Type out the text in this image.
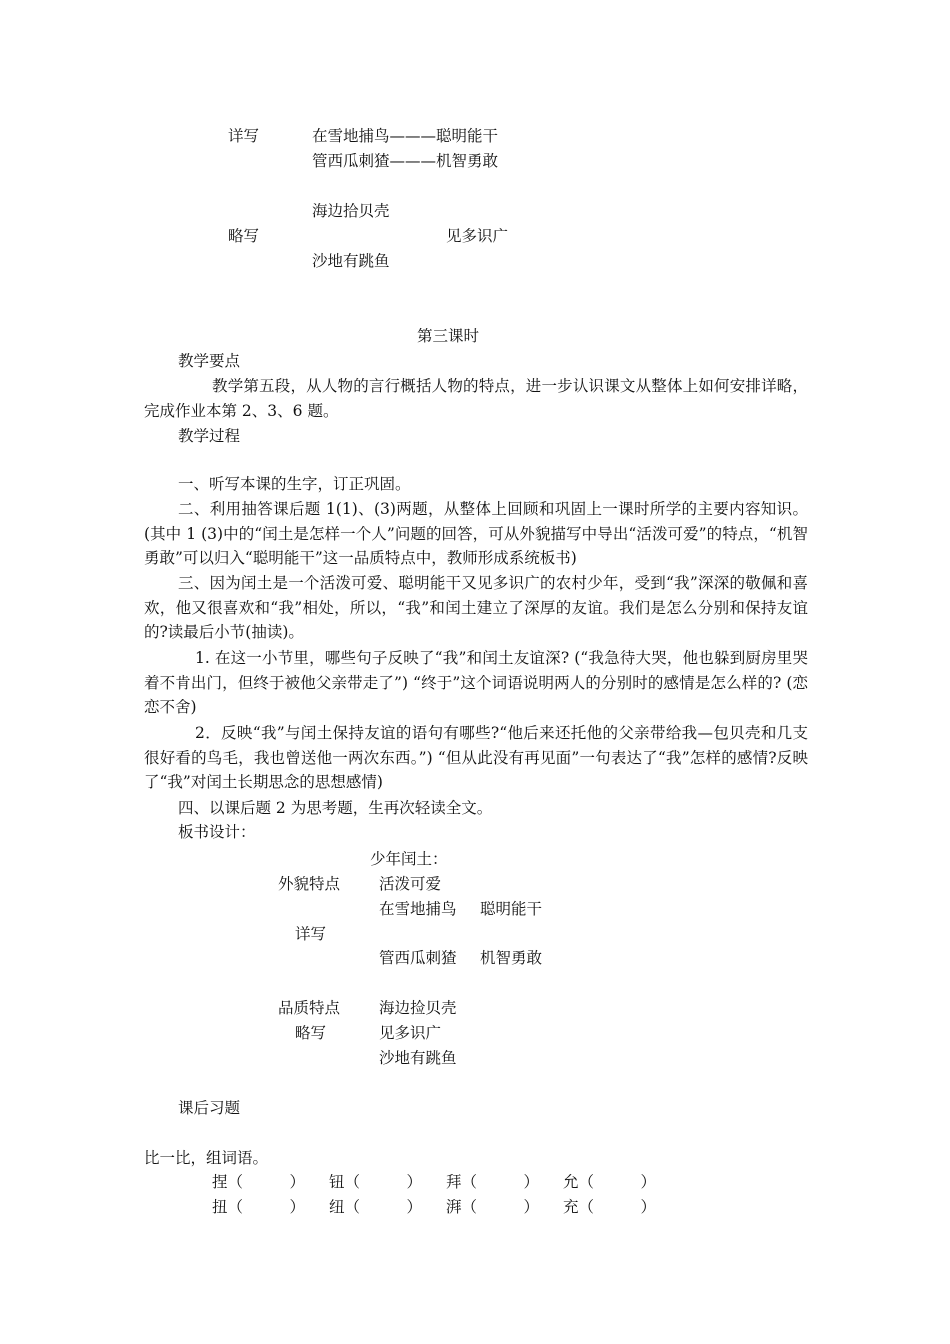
详写	在雪地捕鸟———聪明能干
管西瓜刺猹———机智勇敢
海边拾贝壳
略写	见多识广
沙地有跳鱼
第三课时
教学要点
教学第五段，从人物的言行概括人物的特点，进一步认识课文从整体上如何安排详略，完成作业本第 2、3、6 题。
教学过程
一、听写本课的生字，订正巩固。
二、利用抽答课后题 1(1)、(3)两题，从整体上回顾和巩固上一课时所学的主要内容知识。(其中 1 (3)中的“闰土是怎样一个人”问题的回答，可从外貌描写中导出“活泼可爱”的特点，“机智勇敢”可以归入“聪明能干”这一品质特点中，教师形成系统板书)
三、因为闰土是一个活泼可爱、聪明能干又见多识广的农村少年，受到“我”深深的敬佩和喜欢，他又很喜欢和“我”相处，所以，“我”和闰土建立了深厚的友谊。我们是怎么分别和保持友谊的?读最后小节(抽读)。
1. 在这一小节里，哪些句子反映了“我”和闰土友谊深? (“我急待大哭，他也躲到厨房里哭着不肯出门，但终于被他父亲带走了”) “终于”这个词语说明两人的分别时的感情是怎么样的? (恋恋不舍)
2．反映“我”与闰土保持友谊的语句有哪些?“他后来还托他的父亲带给我—包贝壳和几支很好看的鸟毛，我也曾送他一两次东西。”) “但从此没有再见面”一句表达了“我”怎样的感情?反映了“我”对闰土长期思念的思想感情)
四、以课后题 2 为思考题，生再次轻读全文。
板书设计：
少年闰土：
外貌特点	活泼可爱
在雪地捕鸟 聪明能干
详写
管西瓜刺猹 机智勇敢
品质特点	海边捡贝壳
略写	见多识广
沙地有跳鱼
课后习题
比一比，组词语。
捏（　　　） 钮（　　　） 拜（　　　） 允（　　　）
扭（　　　） 纽（　　　） 湃（　　　） 充（　　　）
